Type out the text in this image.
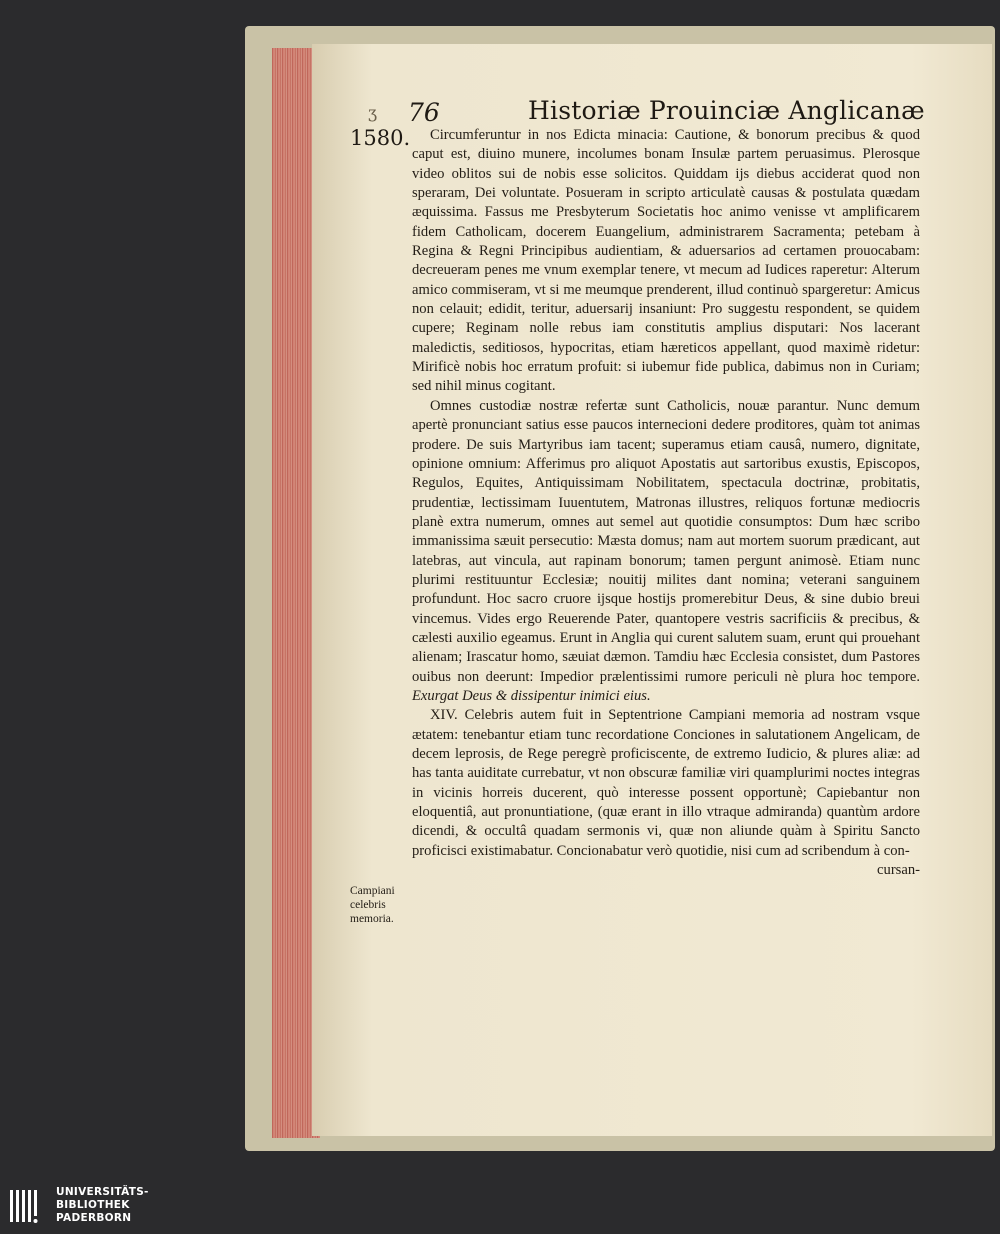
ʒ 76	Historiæ Prouinciæ Anglicanæ
1580.	Circumferuntur in nos Edicta minacia: Cautione, & bonorum precibus & quod caput est, diuino munere, incolumes bonam Insulæ partem peruasimus. Plerosque video oblitos sui de nobis esse solicitos. Quiddam ijs diebus acciderat quod non speraram, Dei voluntate. Posueram in scripto articulatè causas & postulata quædam æquissima. Fassus me Presbyterum Societatis hoc animo venisse vt amplificarem fidem Catholicam, docerem Euangelium, administrarem Sacramenta; petebam à Regina & Regni Principibus audientiam, & aduersarios ad certamen prouocabam: decreueram penes me vnum exemplar tenere, vt mecum ad Iudices raperetur: Alterum amico commiseram, vt si me meumque prenderent, illud continuò spargeretur: Amicus non celauit; edidit, teritur, aduersarij insaniunt: Pro suggestu respondent, se quidem cupere; Reginam nolle rebus iam constitutis amplius disputari: Nos lacerant maledictis, seditiosos, hypocritas, etiam hæreticos appellant, quod maximè ridetur: Mirificè nobis hoc erratum profuit: si iubemur fide publica, dabimus non in Curiam; sed nihil minus cogitant.

Omnes custodiæ nostræ refertæ sunt Catholicis, nouæ parantur. Nunc demum apertè pronunciant satius esse paucos internecioni dedere proditores, quàm tot animas prodere. De suis Martyribus iam tacent; superamus etiam causâ, numero, dignitate, opinione omnium: Afferimus pro aliquot Apostatis aut sartoribus exustis, Episcopos, Regulos, Equites, Antiquissimam Nobilitatem, spectacula doctrinæ, probitatis, prudentiæ, lectissimam Iuuentutem, Matronas illustres, reliquos fortunæ mediocris planè extra numerum, omnes aut semel aut quotidie consumptos: Dum hæc scribo immanissima sæuit persecutio: Mæsta domus; nam aut mortem suorum prædicant, aut latebras, aut vincula, aut rapinam bonorum; tamen pergunt animosè. Etiam nunc plurimi restituuntur Ecclesiæ; nouitij milites dant nomina; veterani sanguinem profundunt. Hoc sacro cruore ijsque hostijs promerebitur Deus, & sine dubio breui vincemus. Vides ergo Reuerende Pater, quantopere vestris sacrificiis & precibus, & cælesti auxilio egeamus. Erunt in Anglia qui curent salutem suam, erunt qui prouehant alienam; Irascatur homo, sæuiat dæmon. Tamdiu hæc Ecclesia consistet, dum Pastores ouibus non deerunt: Impedior prælentissimi rumore periculi nè plura hoc tempore. Exurgat Deus & dissipentur inimici eius.

XIV. Celebris autem fuit in Septentrione Campiani memoria ad nostram vsque ætatem: tenebantur etiam tunc recordatione Conciones in salutationem Angelicam, de decem leprosis, de Rege peregrè proficiscente, de extremo Iudicio, & plures aliæ: ad has tanta auiditate currebatur, vt non obscuræ familiæ viri quamplurimi noctes integras in vicinis horreis ducerent, quò interesse possent opportunè; Capiebantur non eloquentiâ, aut pronuntiatione, (quæ erant in illo vtraque admiranda) quantùm ardore dicendi, & occultâ quadam sermonis vi, quæ non aliunde quàm à Spiritu Sancto proficisci existimabatur. Concionabatur verò quotidie, nisi cum ad scribendum à con-

cursan-

Campiani
celebris
memoria.
UNIVERSITÄTS-
BIBLIOTHEK
PADERBORN
